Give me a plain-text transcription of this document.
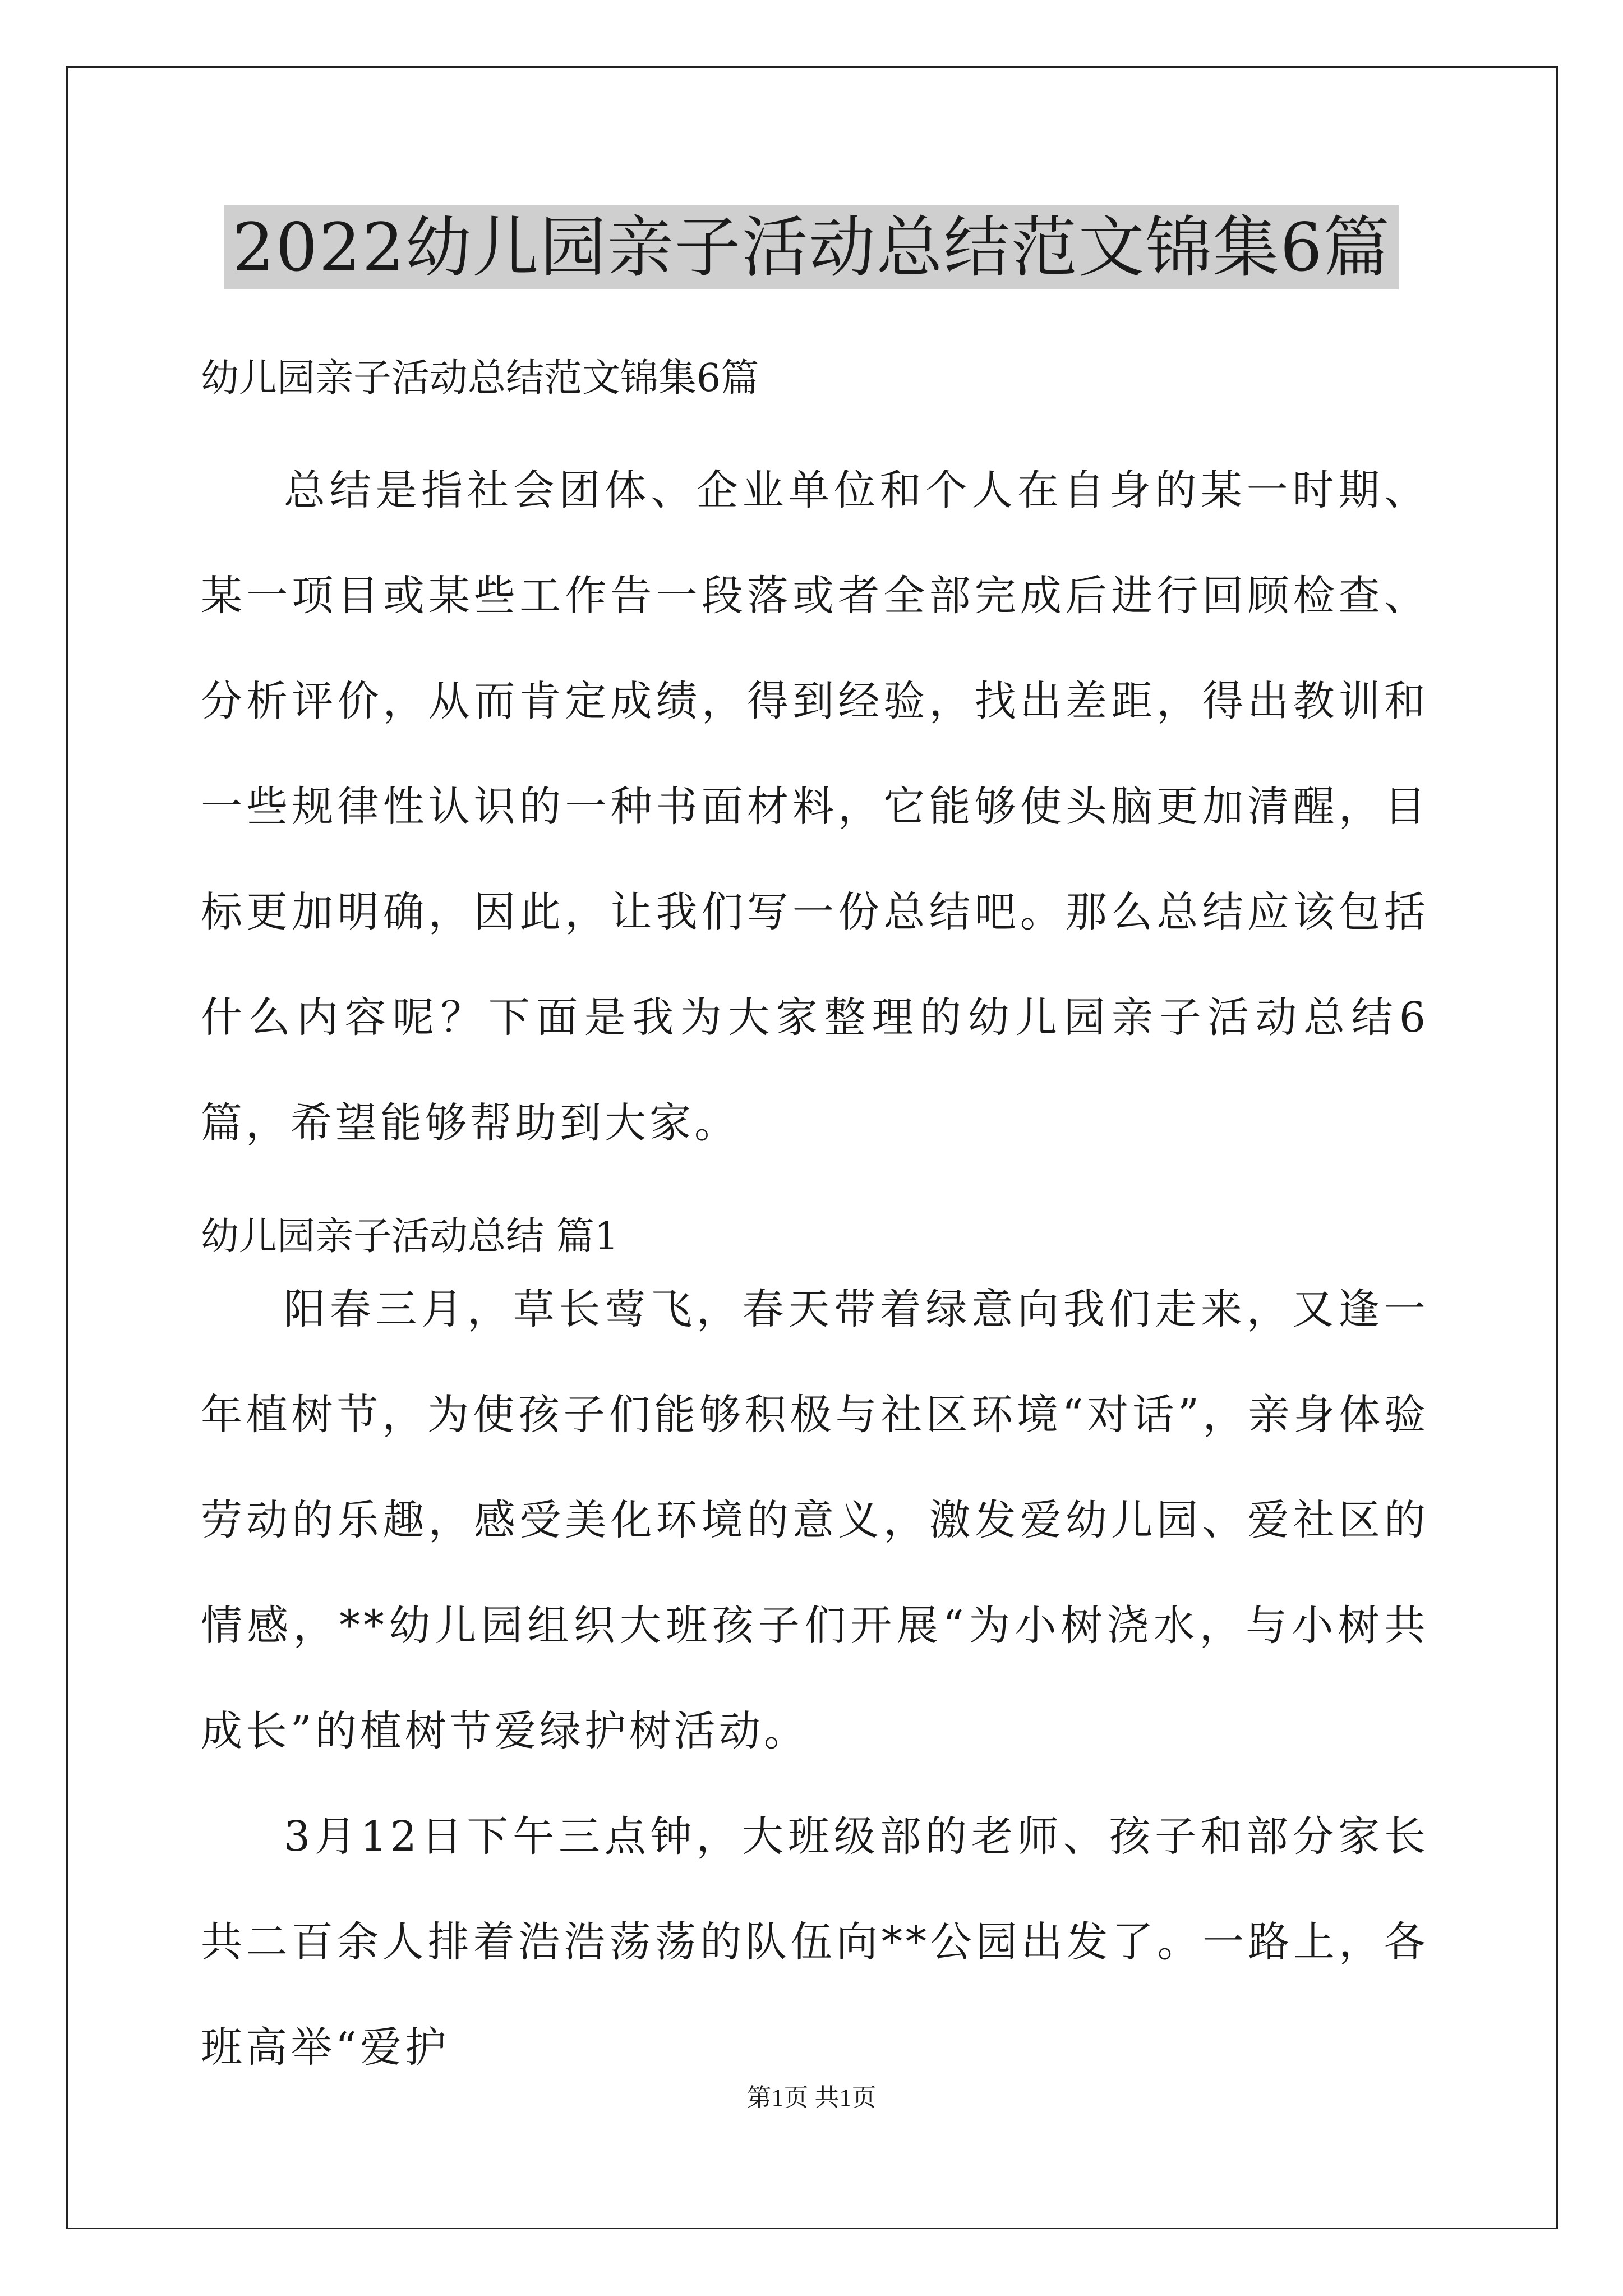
2022幼儿园亲子活动总结范文锦集6篇
幼儿园亲子活动总结范文锦集6篇
总结是指社会团体、企业单位和个人在自身的某一时期、某一项目或某些工作告一段落或者全部完成后进行回顾检查、分析评价，从而肯定成绩，得到经验，找出差距，得出教训和一些规律性认识的一种书面材料，它能够使头脑更加清醒，目标更加明确，因此，让我们写一份总结吧。那么总结应该包括什么内容呢？下面是我为大家整理的幼儿园亲子活动总结6篇，希望能够帮助到大家。
幼儿园亲子活动总结 篇1
阳春三月，草长莺飞，春天带着绿意向我们走来，又逢一年植树节，为使孩子们能够积极与社区环境“对话”，亲身体验劳动的乐趣，感受美化环境的意义，激发爱幼儿园、爱社区的情感，**幼儿园组织大班孩子们开展“为小树浇水，与小树共成长”的植树节爱绿护树活动。
3月12日下午三点钟，大班级部的老师、孩子和部分家长共二百余人排着浩浩荡荡的队伍向**公园出发了。一路上，各班高举“爱护
第1页 共1页
